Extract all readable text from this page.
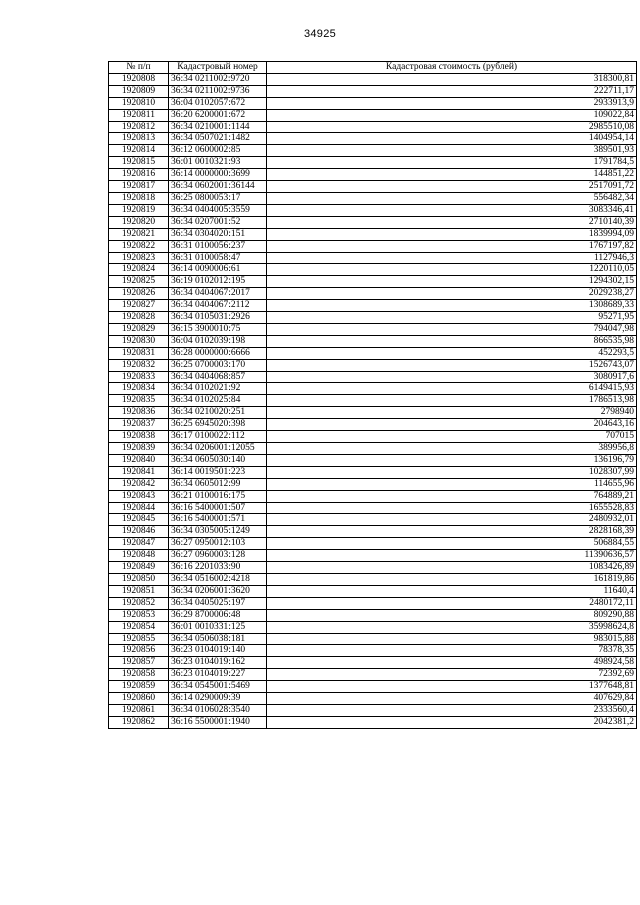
34925
№ п/п	Кадастровый номер	Кадастровая стоимость (рублей)
1920808	36:34 0211002:9720	318300,81
1920809	36:34 0211002:9736	222711,17
1920810	36:04 0102057:672	2933913,9
1920811	36:20 6200001:672	109022,84
1920812	36:34 0210001:1144	2985510,08
1920813	36:34 0507021:1482	1404954,14
1920814	36:12 0600002:85	389501,93
1920815	36:01 0010321:93	1791784,5
1920816	36:14 0000000:3699	144851,22
1920817	36:34 0602001:36144	2517091,72
1920818	36:25 0800053:17	556482,34
1920819	36:34 0404005:3559	3083346,41
1920820	36:34 0207001:52	2710140,39
1920821	36:34 0304020:151	1839994,09
1920822	36:31 0100056:237	1767197,82
1920823	36:31 0100058:47	1127946,3
1920824	36:14 0090006:61	1220110,05
1920825	36:19 0102012:195	1294302,15
1920826	36:34 0404067:2017	2029238,27
1920827	36:34 0404067:2112	1308689,33
1920828	36:34 0105031:2926	95271,95
1920829	36:15 3900010:75	794047,98
1920830	36:04 0102039:198	866535,98
1920831	36:28 0000000:6666	452293,5
1920832	36:25 0700003:170	1526743,07
1920833	36:34 0404068:857	3080917,6
1920834	36:34 0102021:92	6149415,93
1920835	36:34 0102025:84	1786513,98
1920836	36:34 0210020:251	2798940
1920837	36:25 6945020:398	204643,16
1920838	36:17 0100022:112	707015
1920839	36:34 0206001:12055	389956,8
1920840	36:34 0605030:140	136196,79
1920841	36:14 0019501:223	1028307,99
1920842	36:34 0605012:99	114655,96
1920843	36:21 0100016:175	764889,21
1920844	36:16 5400001:507	1655528,83
1920845	36:16 5400001:571	2480932,01
1920846	36:34 0305005:1249	2828168,39
1920847	36:27 0950012:103	506884,55
1920848	36:27 0960003:128	11390636,57
1920849	36:16 2201033:90	1083426,89
1920850	36:34 0516002:4218	161819,86
1920851	36:34 0206001:3620	11640,4
1920852	36:34 0405025:197	2480172,11
1920853	36:29 8700006:48	809290,88
1920854	36:01 0010331:125	35998624,8
1920855	36:34 0506038:181	983015,88
1920856	36:23 0104019:140	78378,35
1920857	36:23 0104019:162	498924,58
1920858	36:23 0104019:227	72392,69
1920859	36:34 0545001:5469	1377648,81
1920860	36:14 0290009:39	407629,84
1920861	36:34 0106028:3540	2333560,4
1920862	36:16 5500001:1940	2042381,2
